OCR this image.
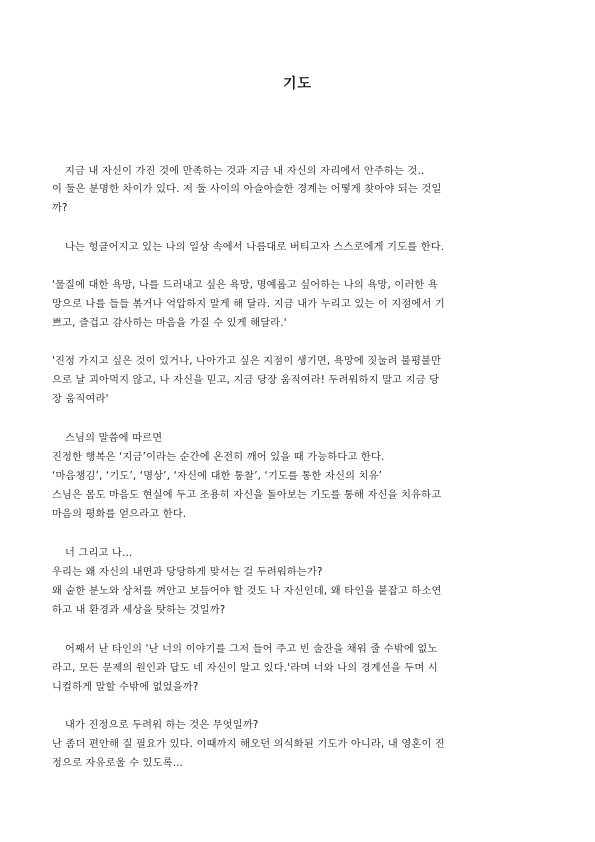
기도
지금 내 자신이 가진 것에 만족하는 것과 지금 내 자신의 자리에서 안주하는 것..
이 둘은 분명한 차이가 있다. 저 둘 사이의 아슬아슬한 경계는 어떻게 찾아야 되는 것일
까?
나는 헝클어지고 있는 나의 일상 속에서 나름대로 버티고자 스스로에게 기도를 한다.
'물질에 대한 욕망, 나를 드러내고 싶은 욕망, 명예롭고 싶어하는 나의 욕망, 이러한 욕
망으로 나를 들들 볶거나 억압하지 말게 해 달라. 지금 내가 누리고 있는 이 지점에서 기
쁘고, 즐겁고 감사하는 마음을 가질 수 있게 해달라.'
'진정 가지고 싶은 것이 있거나, 나아가고 싶은 지점이 생기면, 욕망에 짓눌려 불평불만
으로 날 괴아먹지 않고, 나 자신을 믿고, 지금 당장 움직여라! 두려워하지 말고 지금 당
장 움직여라'
스님의 말씀에 따르면
진정한 행복은 ‘지금’이라는 순간에 온전히 깨어 있을 때 가능하다고 한다.
‘마음챙김’, ‘기도’, ‘명상’, ‘자신에 대한 통찰’, ‘기도를 통한 자신의 치유’
스님은 몸도 마음도 현실에 두고 조용히 자신을 돌아보는 기도를 통해 자신을 치유하고
마음의 평화를 얻으라고 한다.
너 그리고 나...
우리는 왜 자신의 내면과 당당하게 맞서는 걸 두려워하는가?
왜 숱한 분노와 상처를 껴안고 보듬어야 할 것도 나 자신인데, 왜 타인을 붙잡고 하소연
하고 내 환경과 세상을 탓하는 것일까?
어째서 난 타인의 '난 너의 이야기를 그저 들어 주고 빈 술잔을 채워 줄 수밖에 없노
라고, 모든 문제의 원인과 답도 네 자신이 알고 있다.'라며 너와 나의 경계선을 두며 시
니컬하게 말할 수밖에 없었을까?
내가 진정으로 두려워 하는 것은 무엇일까?
난 좀더 편안해 질 필요가 있다. 이때까지 해오던 의식화된 기도가 아니라, 내 영혼이 진
정으로 자유로울 수 있도록...
